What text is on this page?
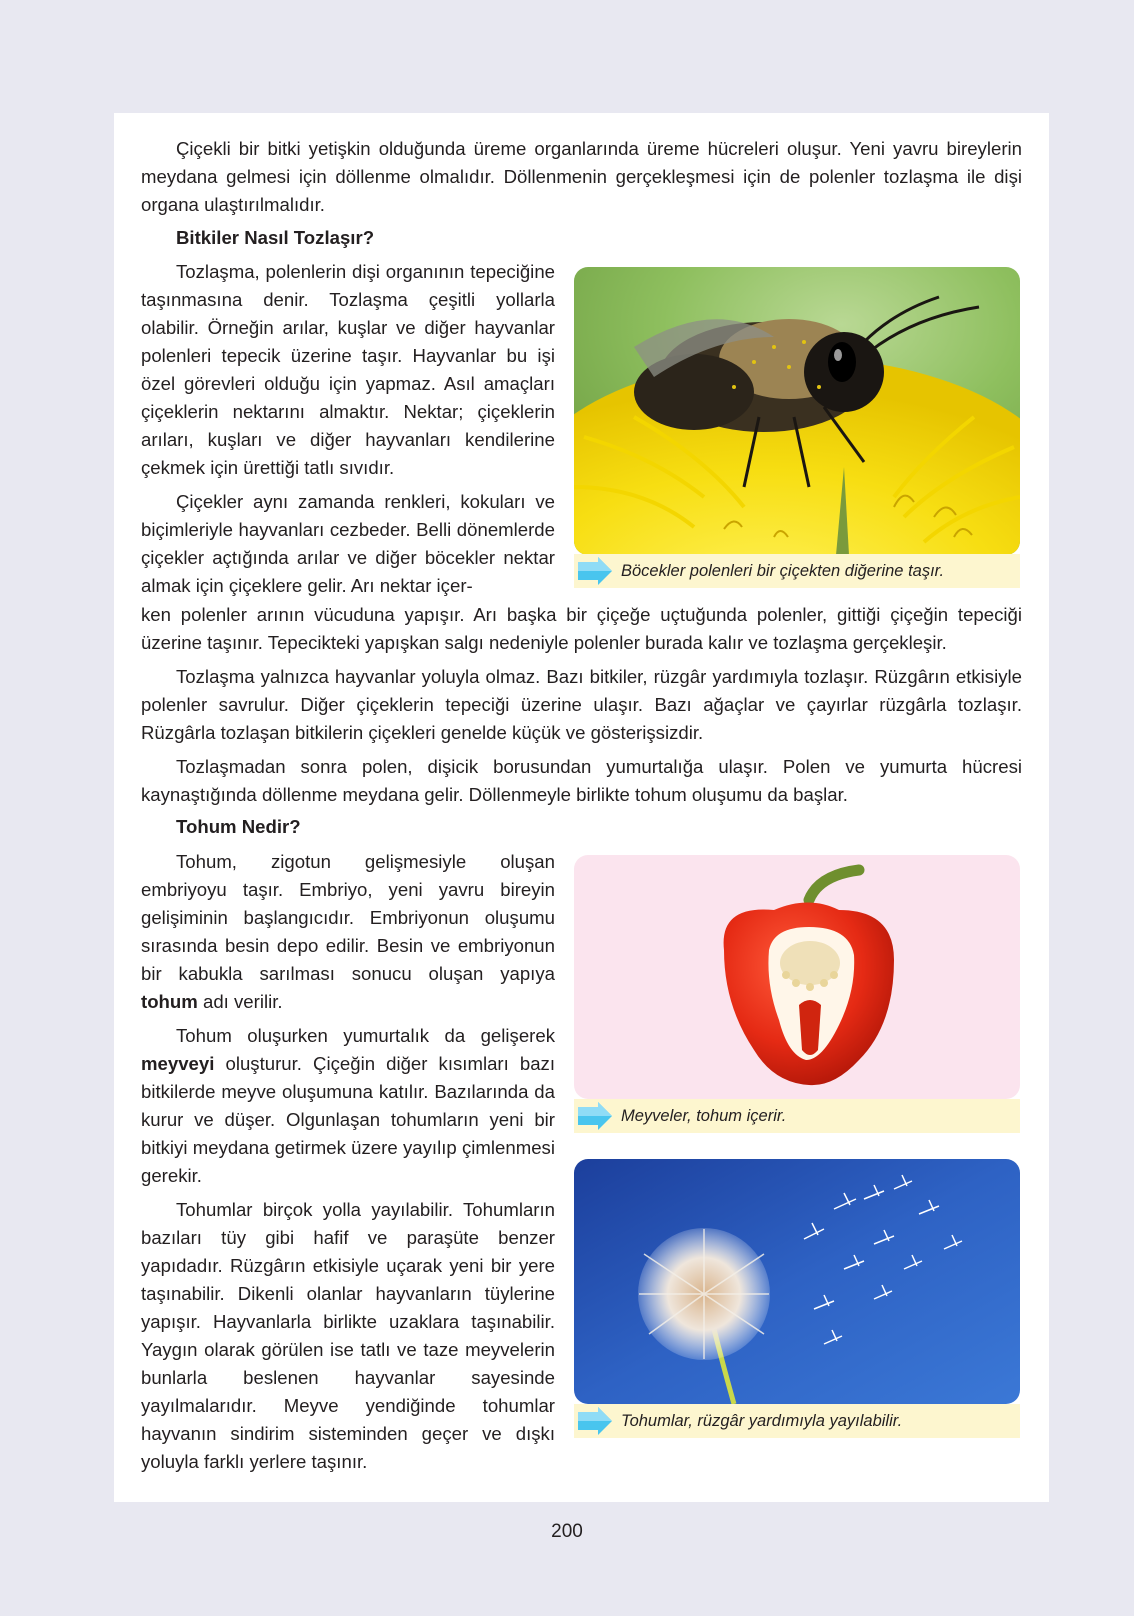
Çiçekli bir bitki yetişkin olduğunda üreme organlarında üreme hücreleri oluşur. Yeni yavru bireylerin meydana gelmesi için döllenme olmalıdır. Döllenmenin gerçekleşmesi için de polenler tozlaşma ile dişi organa ulaştırılmalıdır.

Bitkiler Nasıl Tozlaşır?

Tozlaşma, polenlerin dişi organının tepeciğine taşınmasına denir. Tozlaşma çeşitli yollarla olabilir. Örneğin arılar, kuşlar ve diğer hayvanlar polenleri tepecik üzerine taşır. Hayvanlar bu işi özel görevleri olduğu için yapmaz. Asıl amaçları çiçeklerin nektarını almaktır. Nektar; çiçeklerin arıları, kuşları ve diğer hayvanları kendilerine çekmek için ürettiği tatlı sıvıdır.

Çiçekler aynı zamanda renkleri, kokuları ve biçimleriyle hayvanları cezbeder. Belli dönemlerde çiçekler açtığında arılar ve diğer böcekler nektar almak için çiçeklere gelir. Arı nektar içer-

ken polenler arının vücuduna yapışır. Arı başka bir çiçeğe uçtuğunda polenler, gittiği çiçeğin tepeciği üzerine taşınır. Tepecikteki yapışkan salgı nedeniyle polenler burada kalır ve tozlaşma gerçekleşir.

Tozlaşma yalnızca hayvanlar yoluyla olmaz. Bazı bitkiler, rüzgâr yardımıyla tozlaşır. Rüzgârın etkisiyle polenler savrulur. Diğer çiçeklerin tepeciği üzerine ulaşır. Bazı ağaçlar ve çayırlar rüzgârla tozlaşır. Rüzgârla tozlaşan bitkilerin çiçekleri genelde küçük ve gösterişsizdir.

Tozlaşmadan sonra polen, dişicik borusundan yumurtalığa ulaşır. Polen ve yumurta hücresi kaynaştığında döllenme meydana gelir. Döllenmeyle birlikte tohum oluşumu da başlar.

Tohum Nedir?

Tohum, zigotun gelişmesiyle oluşan embriyoyu taşır. Embriyo, yeni yavru bireyin gelişiminin başlangıcıdır. Embriyonun oluşumu sırasında besin depo edilir. Besin ve embriyonun bir kabukla sarılması sonucu oluşan yapıya tohum adı verilir.

Tohum oluşurken yumurtalık da gelişerek meyveyi oluşturur. Çiçeğin diğer kısımları bazı bitkilerde meyve oluşumuna katılır. Bazılarında da kurur ve düşer. Olgunlaşan tohumların yeni bir bitkiyi meydana getirmek üzere yayılıp çimlenmesi gerekir.

Tohumlar birçok yolla yayılabilir. Tohumların bazıları tüy gibi hafif ve paraşüte benzer yapıdadır. Rüzgârın etkisiyle uçarak yeni bir yere taşınabilir. Dikenli olanlar hayvanların tüylerine yapışır. Hayvanlarla birlikte uzaklara taşınabilir. Yaygın olarak görülen ise tatlı ve taze meyvelerin bunlarla beslenen hayvanlar sayesinde yayılmalarıdır. Meyve yendiğinde tohumlar hayvanın sindirim sisteminden geçer ve dışkı yoluyla farklı yerlere taşınır.

Böcekler polenleri bir çiçekten diğerine taşır.
Meyveler, tohum içerir.
Tohumlar, rüzgâr yardımıyla yayılabilir.
200
